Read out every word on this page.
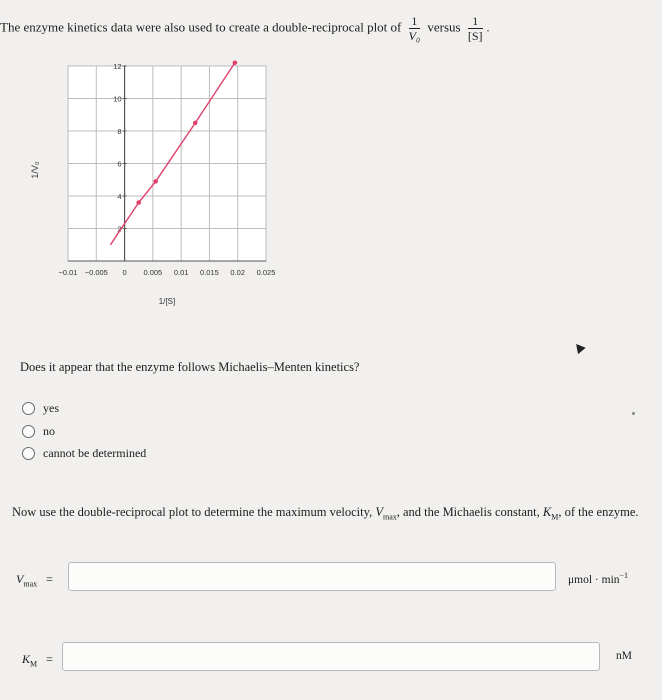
The enzyme kinetics data were also used to create a double-reciprocal plot of $\frac{1}{\text{V₀}}$ versus $\frac{1}{[S]}$ .
−0.01 −0.005 0 0.005 0.01 0.015 0.02 0.025
2
4
6
8
10
12
1/V₀
1/[S]
Does it appear that the enzyme follows Michaelis–Menten kinetics?
yes
no
cannot be determined
Now use the double-reciprocal plot to determine the maximum velocity, $V_{max}$, and the Michaelis constant, $K_M$, of the enzyme.
$V_{max}$ =	$\mu mol \cdot \min^{-1}$
$K_M$ =	nM
